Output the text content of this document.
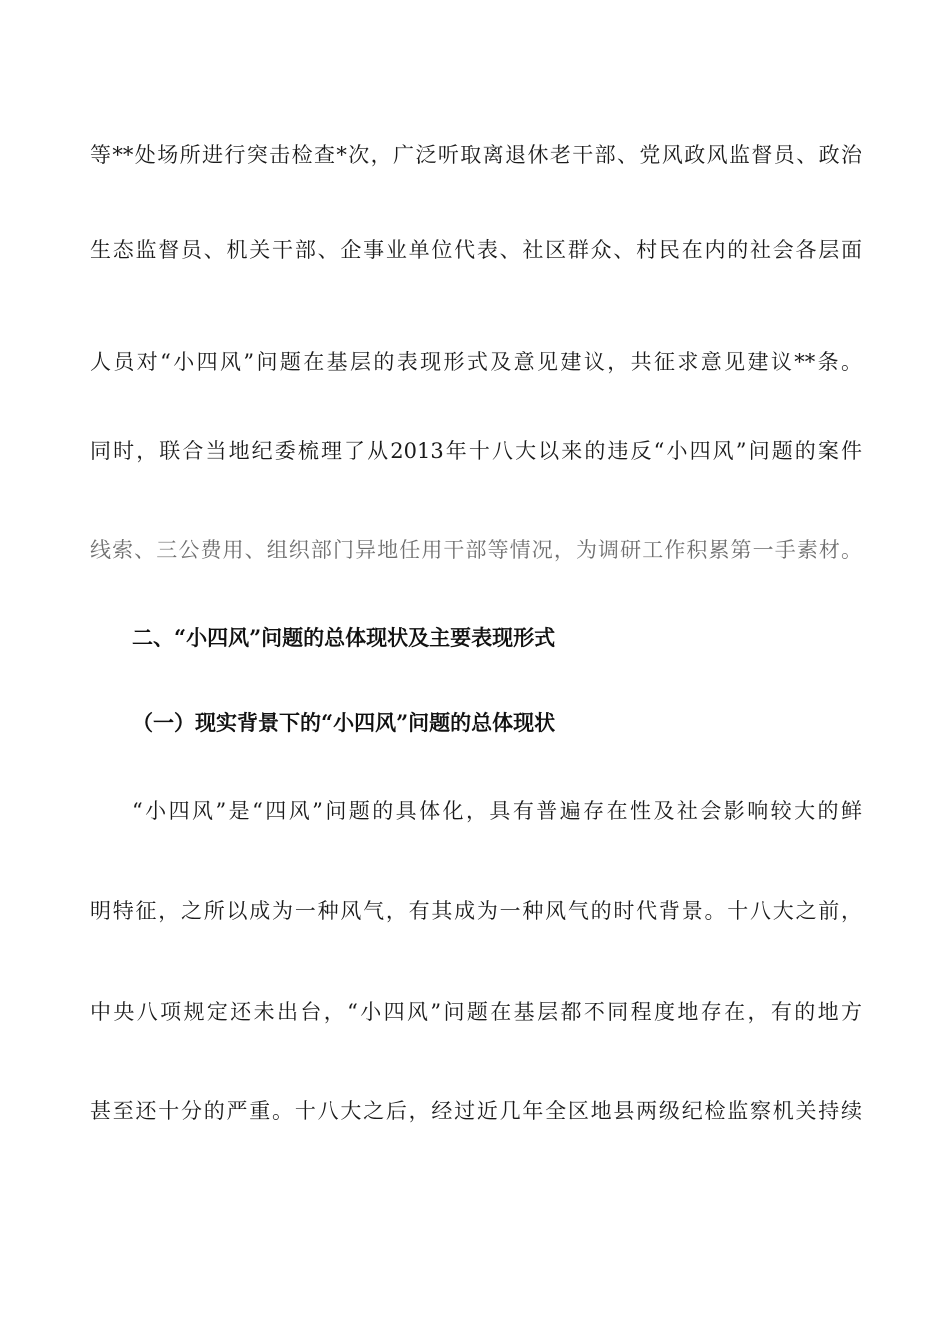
等**处场所进行突击检查*次，广泛听取离退休老干部、党风政风监督员、政治
生态监督员、机关干部、企事业单位代表、社区群众、村民在内的社会各层面
人员对“小四风”问题在基层的表现形式及意见建议，共征求意见建议**条。
同时，联合当地纪委梳理了从2013年十八大以来的违反“小四风”问题的案件
线索、三公费用、组织部门异地任用干部等情况，为调研工作积累第一手素材。
二、“小四风”问题的总体现状及主要表现形式
（一）现实背景下的“小四风”问题的总体现状
“小四风”是“四风”问题的具体化，具有普遍存在性及社会影响较大的鲜
明特征，之所以成为一种风气，有其成为一种风气的时代背景。十八大之前，
中央八项规定还未出台，“小四风”问题在基层都不同程度地存在，有的地方
甚至还十分的严重。十八大之后，经过近几年全区地县两级纪检监察机关持续
